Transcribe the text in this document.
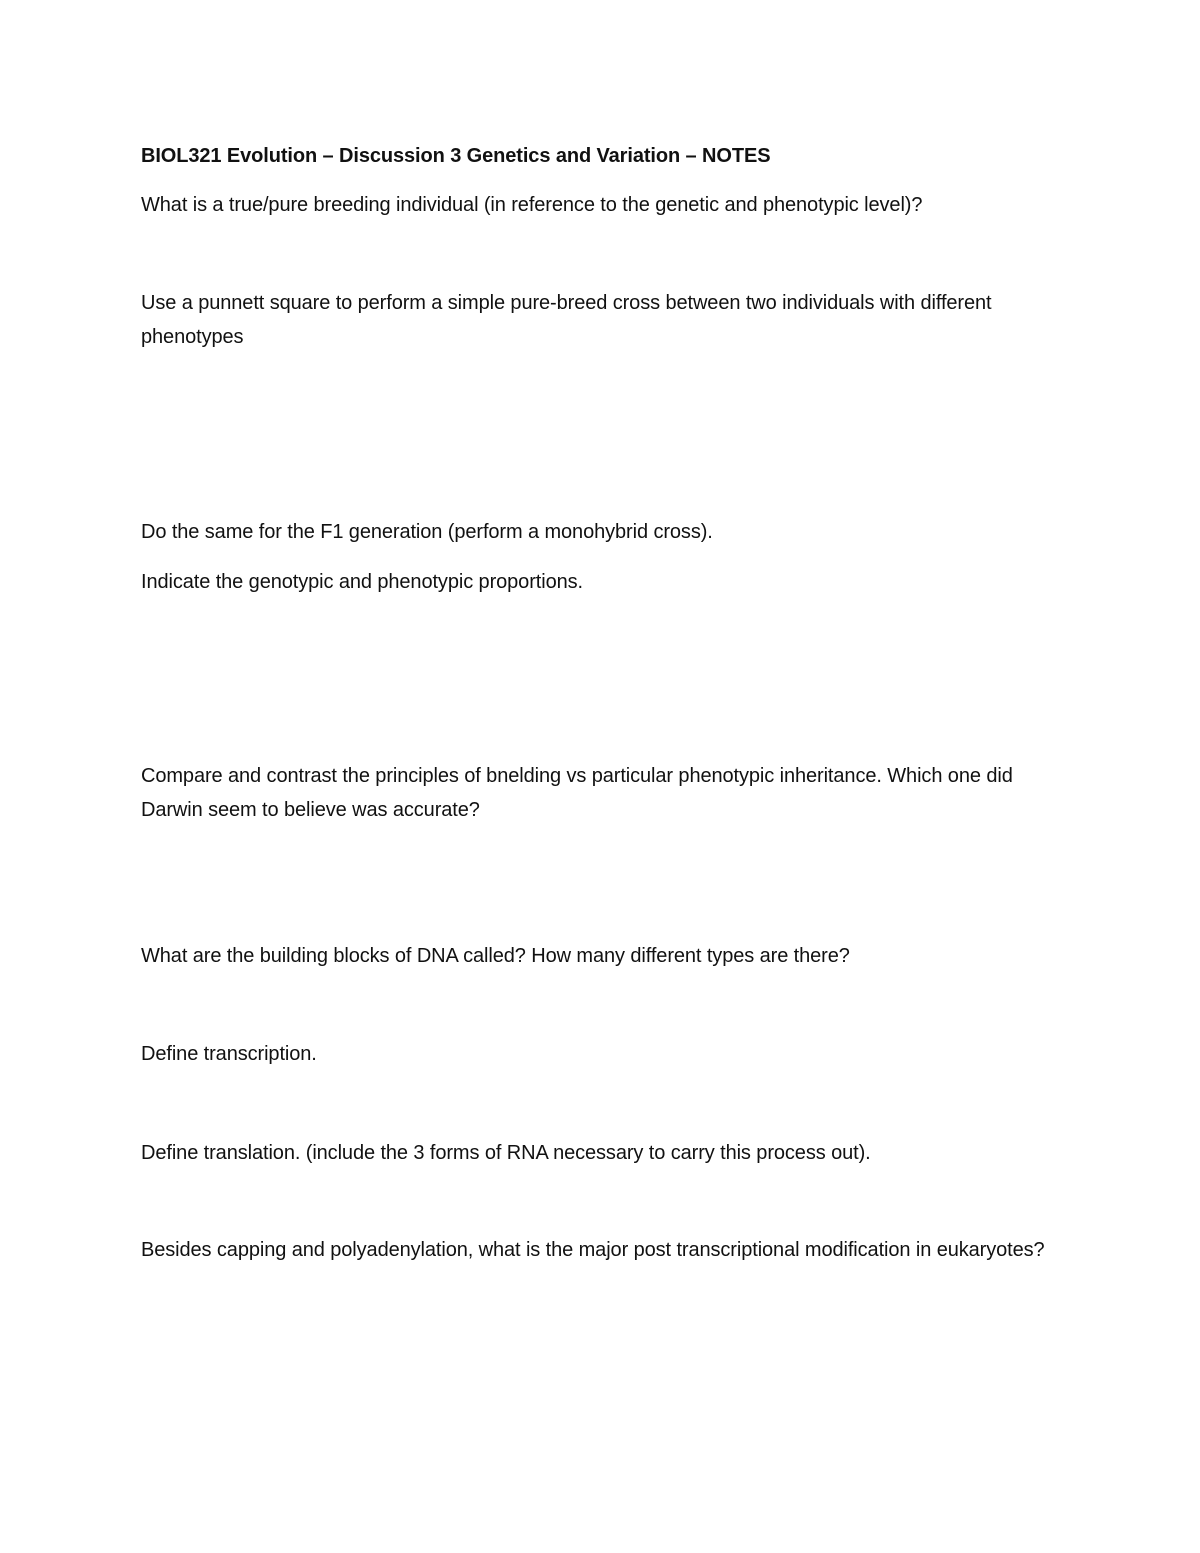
BIOL321 Evolution – Discussion 3 Genetics and Variation – NOTES
What is a true/pure breeding individual (in reference to the genetic and phenotypic level)?
Use a punnett square to perform a simple pure-breed cross between two individuals with different phenotypes
Do the same for the F1 generation (perform a monohybrid cross).
Indicate the genotypic and phenotypic proportions.
Compare and contrast the principles of bnelding vs particular phenotypic inheritance. Which one did Darwin seem to believe was accurate?
What are the building blocks of DNA called? How many different types are there?
Define transcription.
Define translation. (include the 3 forms of RNA necessary to carry this process out).
Besides capping and polyadenylation, what is the major post transcriptional modification in eukaryotes?
